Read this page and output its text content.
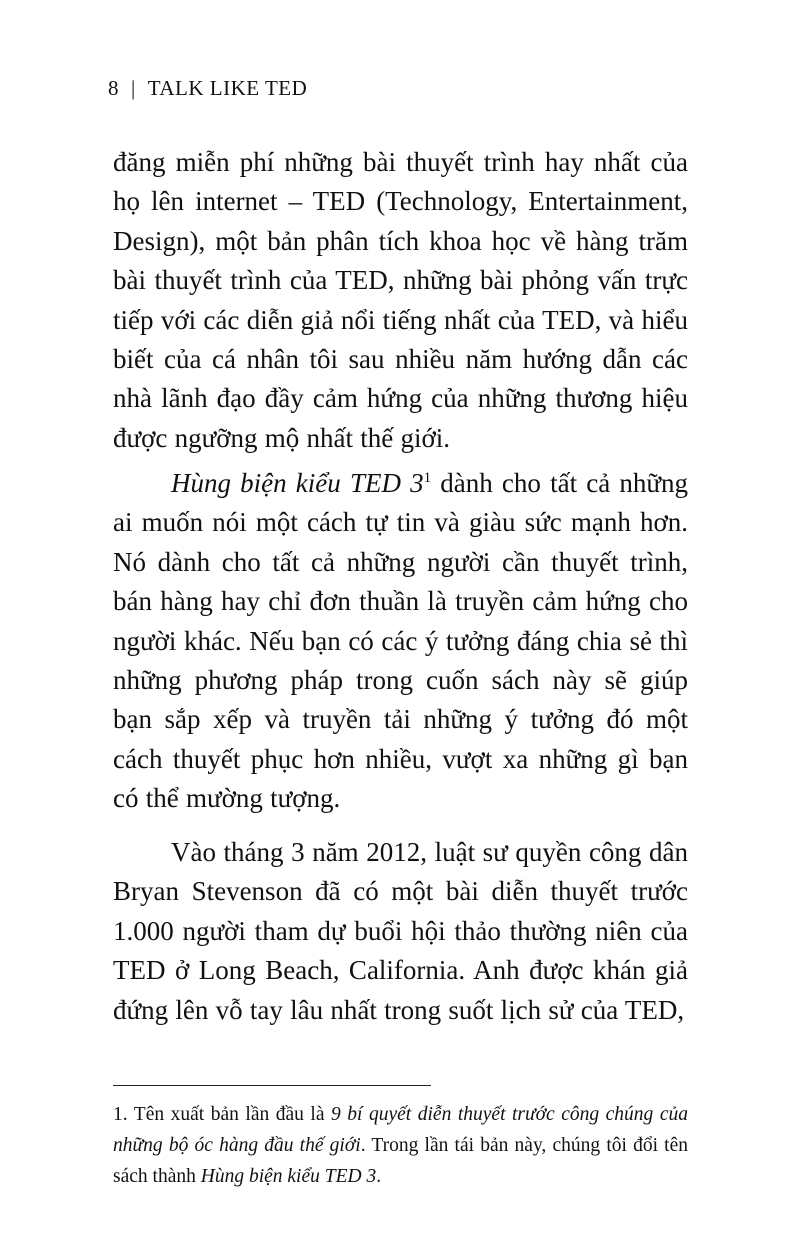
8 | TALK LIKE TED

đăng miễn phí những bài thuyết trình hay nhất của họ lên internet – TED (Technology, Entertainment, Design), một bản phân tích khoa học về hàng trăm bài thuyết trình của TED, những bài phỏng vấn trực tiếp với các diễn giả nổi tiếng nhất của TED, và hiểu biết của cá nhân tôi sau nhiều năm hướng dẫn các nhà lãnh đạo đầy cảm hứng của những thương hiệu được ngưỡng mộ nhất thế giới.

Hùng biện kiểu TED $3^1$ dành cho tất cả những ai muốn nói một cách tự tin và giàu sức mạnh hơn. Nó dành cho tất cả những người cần thuyết trình, bán hàng hay chỉ đơn thuần là truyền cảm hứng cho người khác. Nếu bạn có các ý tưởng đáng chia sẻ thì những phương pháp trong cuốn sách này sẽ giúp bạn sắp xếp và truyền tải những ý tưởng đó một cách thuyết phục hơn nhiều, vượt xa những gì bạn có thể mường tượng.

Vào tháng 3 năm 2012, luật sư quyền công dân Bryan Stevenson đã có một bài diễn thuyết trước 1.000 người tham dự buổi hội thảo thường niên của TED ở Long Beach, California. Anh được khán giả đứng lên vỗ tay lâu nhất trong suốt lịch sử của TED,

1. Tên xuất bản lần đầu là 9 bí quyết diễn thuyết trước công chúng của những bộ óc hàng đầu thế giới. Trong lần tái bản này, chúng tôi đổi tên sách thành Hùng biện kiểu TED 3.
